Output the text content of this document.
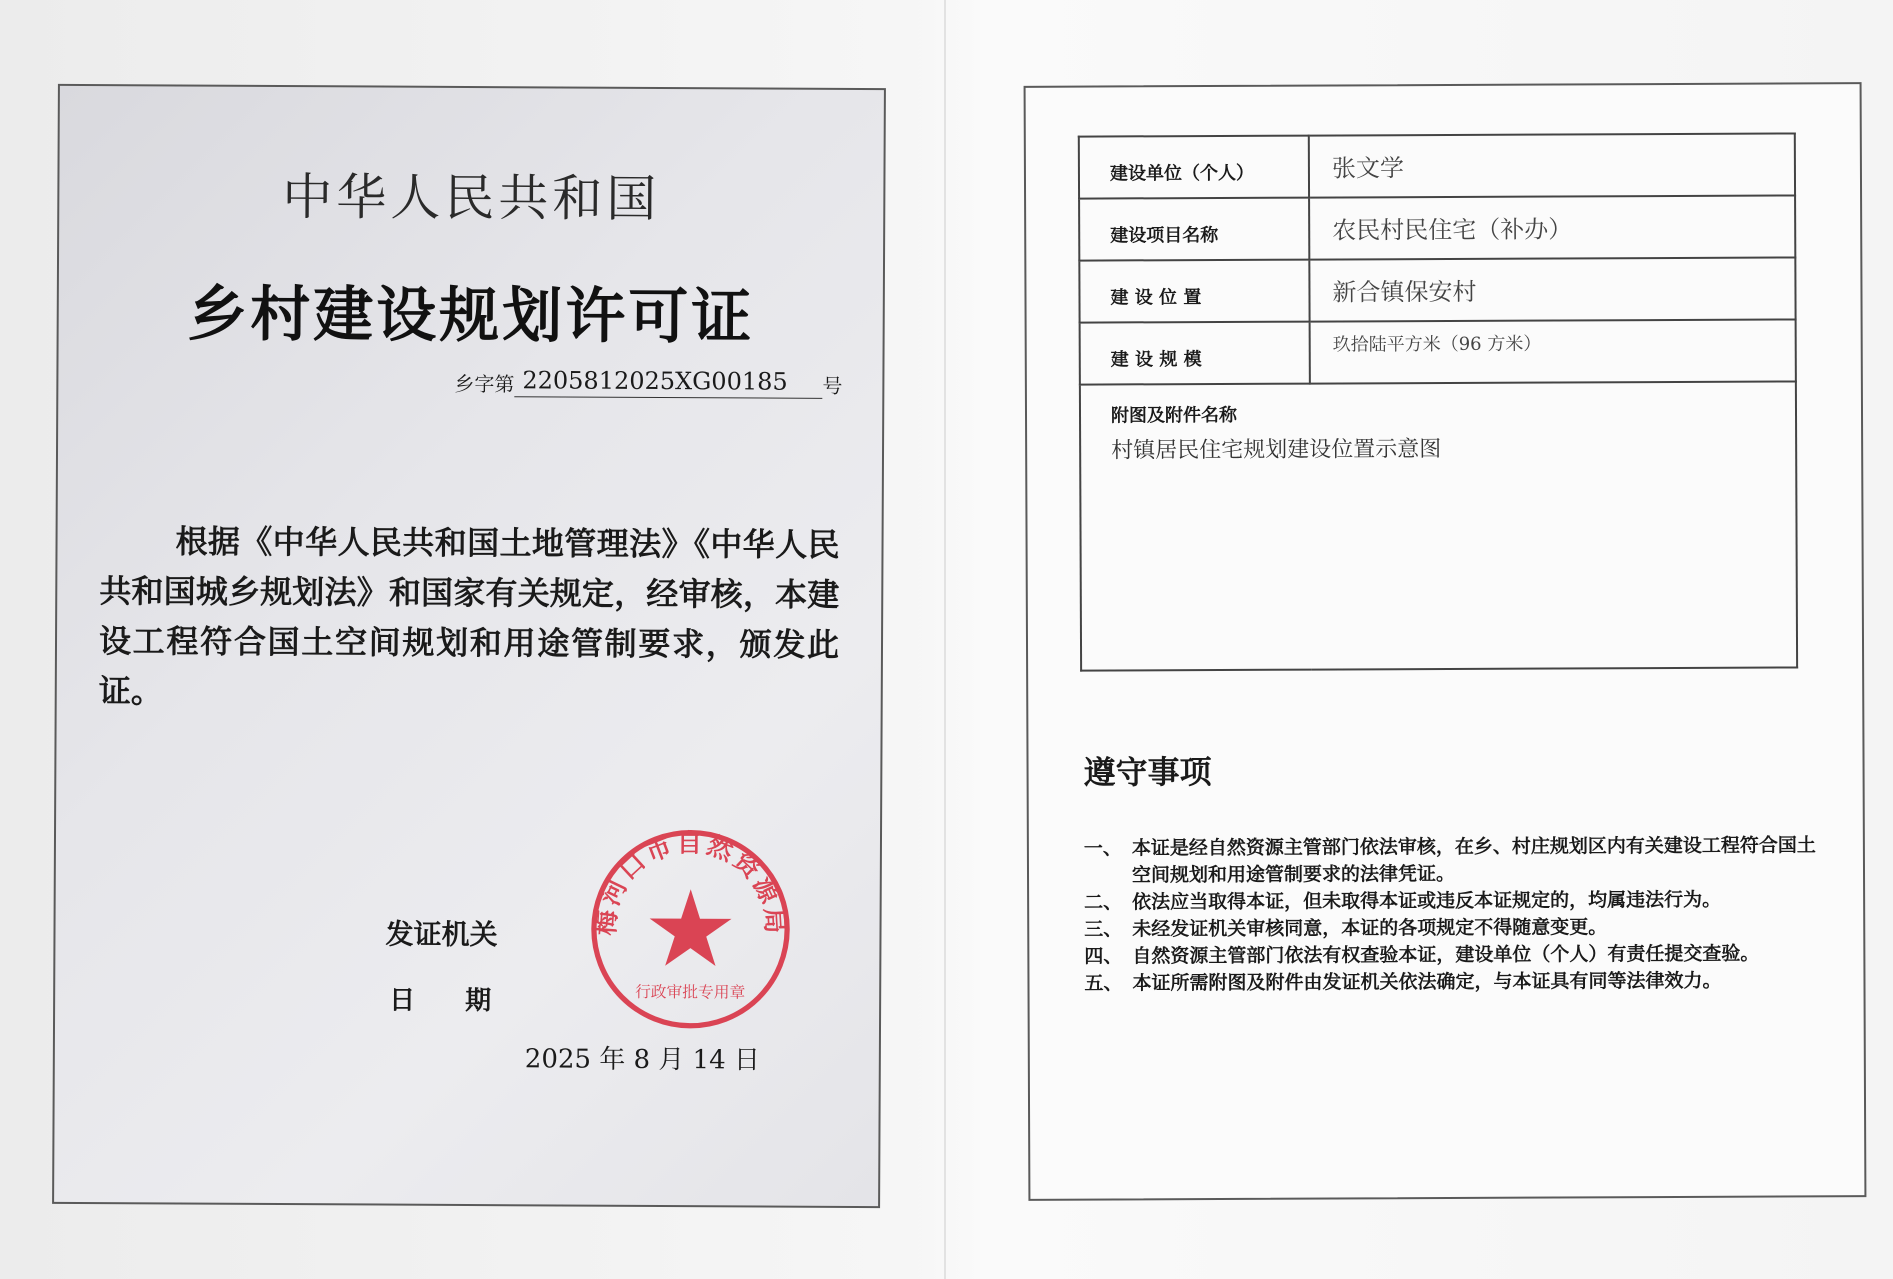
中华人民共和国
乡村建设规划许可证
乡字第 2205812025XG00185	号
根据《中华人民共和国土地管理法》《中华人民共和国城乡规划法》和国家有关规定，经审核，本建设工程符合国土空间规划和用途管制要求，颁发此证。
发证机关
日期
2025 年 8 月 14 日
梅河口市自然资源局
行政审批专用章
建设单位（个人）	张文学
建设项目名称	农民村民住宅（补办）
建 设 位 置	新合镇保安村
建 设 规 模	玖拾陆平方米（96 方米）

附图及附件名称
村镇居民住宅规划建设位置示意图	
遵守事项
一、 本证是经自然资源主管部门依法审核，在乡、村庄规划区内有关建设工程符合国土空间规划和用途管制要求的法律凭证。
二、 依法应当取得本证，但未取得本证或违反本证规定的，均属违法行为。
三、 未经发证机关审核同意，本证的各项规定不得随意变更。
四、 自然资源主管部门依法有权查验本证，建设单位（个人）有责任提交查验。
五、 本证所需附图及附件由发证机关依法确定，与本证具有同等法律效力。
